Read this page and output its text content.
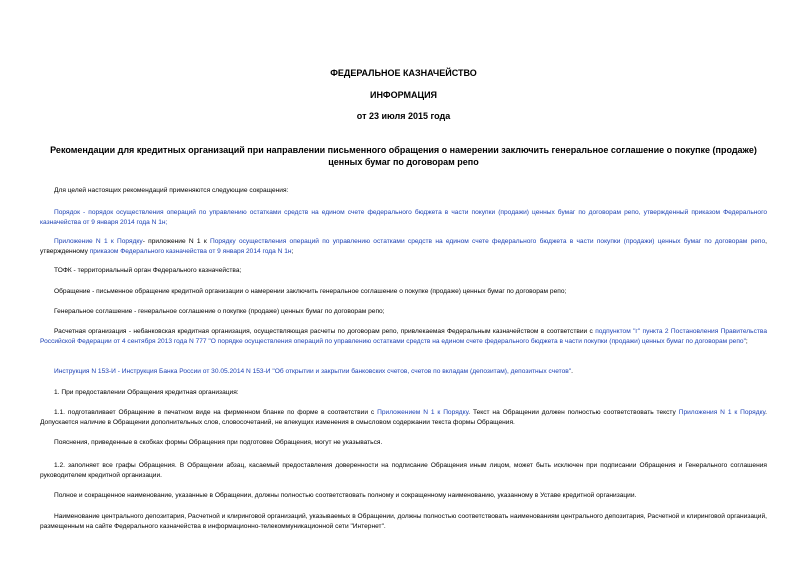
ФЕДЕРАЛЬНОЕ КАЗНАЧЕЙСТВО
ИНФОРМАЦИЯ
от 23 июля 2015 года
Рекомендации для кредитных организаций при направлении письменного обращения о намерении заключить генеральное соглашение о покупке (продаже) ценных бумаг по договорам репо
Для целей настоящих рекомендаций применяются следующие сокращения:
Порядок - порядок осуществления операций по управлению остатками средств на едином счете федерального бюджета в части покупки (продажи) ценных бумаг по договорам репо, утвержденный приказом Федерального казначейства от 9 января 2014 года N 1н;
Приложение N 1 к Порядку- приложение N 1 к Порядку осуществления операций по управлению остатками средств на едином счете федерального бюджета в части покупки (продажи) ценных бумаг по договорам репо, утвержденному приказом Федерального казначейства от 9 января 2014 года N 1н;
ТОФК - территориальный орган Федерального казначейства;
Обращение - письменное обращение кредитной организации о намерении заключить генеральное соглашение о покупке (продаже) ценных бумаг по договорам репо;
Генеральное соглашение - генеральное соглашение о покупке (продаже) ценных бумаг по договорам репо;
Расчетная организация - небанковская кредитная организация, осуществляющая расчеты по договорам репо, привлекаемая Федеральным казначейством в соответствии с подпунктом "г" пункта 2 Постановления Правительства Российской Федерации от 4 сентября 2013 года N 777 "О порядке осуществления операций по управлению остатками средств на едином счете федерального бюджета в части покупки (продажи) ценных бумаг по договорам репо";
Инструкция N 153-И - Инструкция Банка России от 30.05.2014 N 153-И "Об открытии и закрытии банковских счетов, счетов по вкладам (депозитам), депозитных счетов".
1. При предоставлении Обращения кредитная организация:
1.1. подготавливает Обращение в печатном виде на фирменном бланке по форме в соответствии с Приложением N 1 к Порядку. Текст на Обращении должен полностью соответствовать тексту Приложения N 1 к Порядку. Допускается наличие в Обращении дополнительных слов, словосочетаний, не влекущих изменения в смысловом содержании текста формы Обращения.
Пояснения, приведенные в скобках формы Обращения при подготовке Обращения, могут не указываться.
1.2. заполняет все графы Обращения. В Обращении абзац, касаемый предоставления доверенности на подписание Обращения иным лицом, может быть исключен при подписании Обращения и Генерального соглашения руководителем кредитной организации.
Полное и сокращенное наименование, указанные в Обращении, должны полностью соответствовать полному и сокращенному наименованию, указанному в Уставе кредитной организации.
Наименование центрального депозитария, Расчетной и клиринговой организаций, указываемых в Обращении, должны полностью соответствовать наименованиям центрального депозитария, Расчетной и клиринговой организаций, размещенным на сайте Федерального казначейства в информационно-телекоммуникационной сети "Интернет".
